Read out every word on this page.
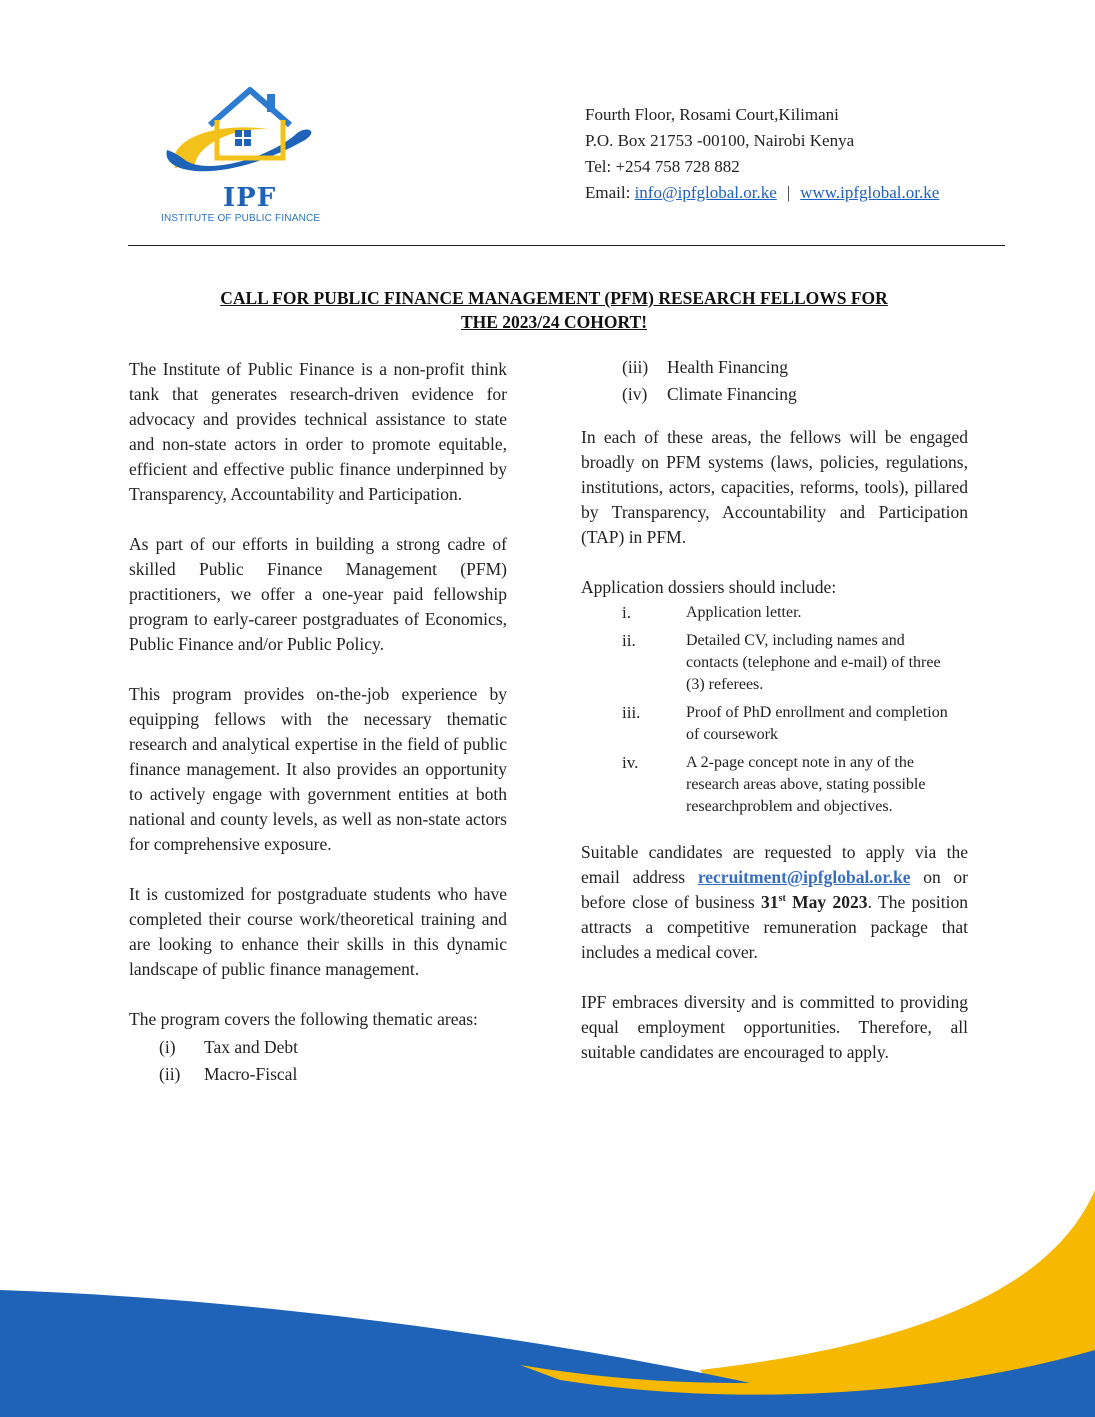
IPF
INSTITUTE OF PUBLIC FINANCE
Fourth Floor, Rosami Court,Kilimani
P.O. Box 21753 -00100, Nairobi Kenya
Tel: +254 758 728 882
Email: info@ipfglobal.or.ke | www.ipfglobal.or.ke
CALL FOR PUBLIC FINANCE MANAGEMENT (PFM) RESEARCH FELLOWS FOR
THE 2023/24 COHORT!

The Institute of Public Finance is a non-profit think tank that generates research-driven evidence for advocacy and provides technical assistance to state and non-state actors in order to promote equitable, efficient and effective public finance underpinned by Transparency, Accountability and Participation.

As part of our efforts in building a strong cadre of skilled Public Finance Management (PFM) practitioners, we offer a one-year paid fellowship program to early-career postgraduates of Economics, Public Finance and/or Public Policy.

This program provides on-the-job experience by equipping fellows with the necessary thematic research and analytical expertise in the field of public finance management. It also provides an opportunity to actively engage with government entities at both national and county levels, as well as non-state actors for comprehensive exposure.

It is customized for postgraduate students who have completed their course work/theoretical training and are looking to enhance their skills in this dynamic landscape of public finance management.

The program covers the following thematic areas:

(i)	Tax and Debt
(ii)	Macro-Fiscal
(iii)	Health Financing
(iv)	Climate Financing

In each of these areas, the fellows will be engaged broadly on PFM systems (laws, policies, regulations, institutions, actors, capacities, reforms, tools), pillared by Transparency, Accountability and Participation (TAP) in PFM.

Application dossiers should include:

i.	Application letter.
ii.	Detailed CV, including names and contacts (telephone and e-mail) of three (3) referees.
iii.	Proof of PhD enrollment and completion of coursework
iv.	A 2-page concept note in any of the research areas above, stating possible researchproblem and objectives.

Suitable candidates are requested to apply via the email address recruitment@ipfglobal.or.ke on or before close of business 31st May 2023. The position attracts a competitive remuneration package that includes a medical cover.

IPF embraces diversity and is committed to providing equal employment opportunities. Therefore, all suitable candidates are encouraged to apply.
